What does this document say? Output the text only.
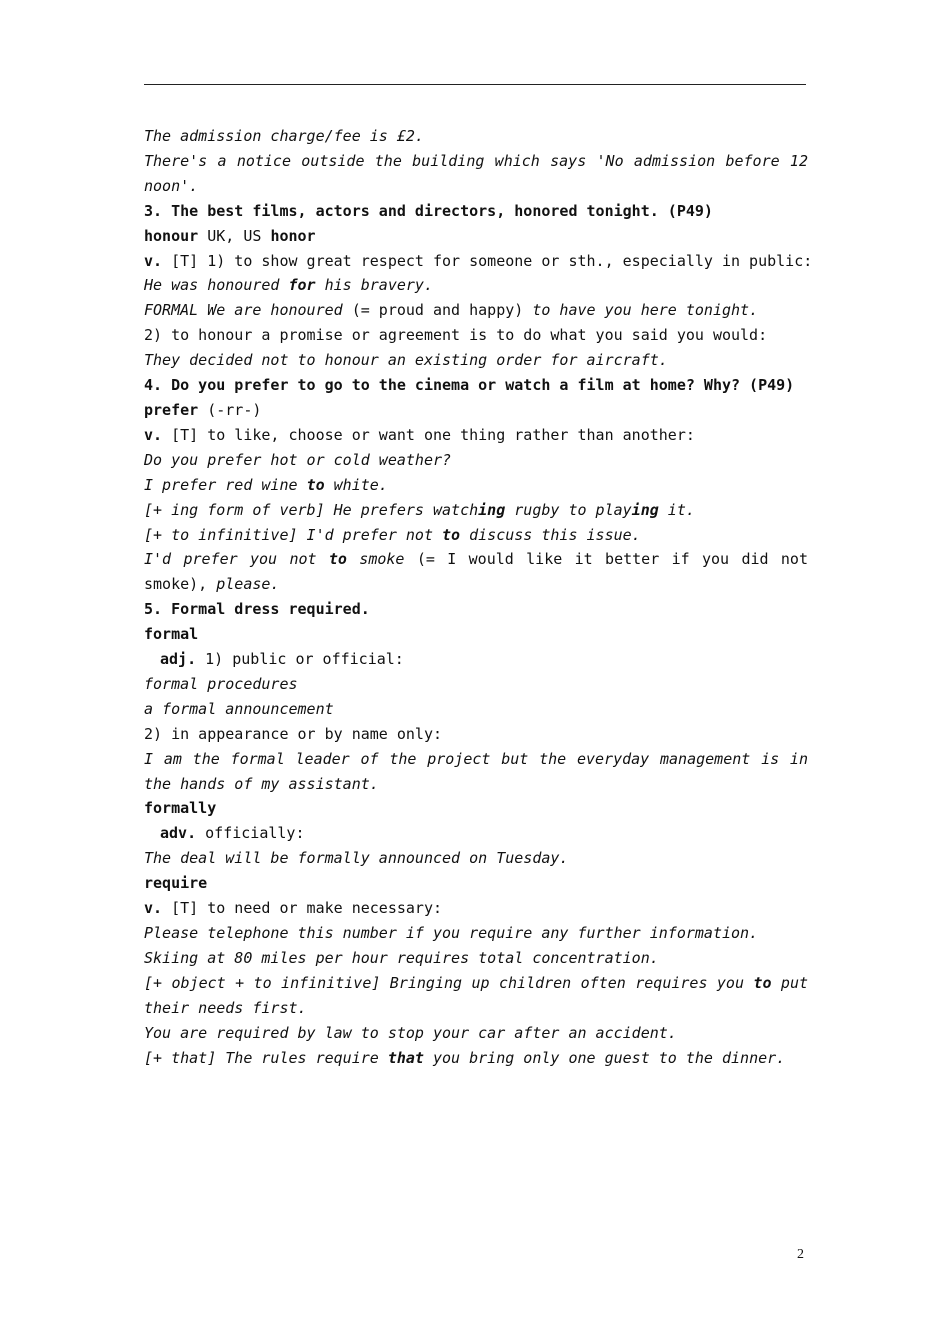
The admission charge/fee is £2.

There's a notice outside the building which says 'No admission before 12 noon'.

3. The best films, actors and directors, honored tonight. (P49)

honour UK, US honor

v. [T] 1) to show great respect for someone or sth., especially in public:

He was honoured for his bravery.

FORMAL We are honoured (= proud and happy) to have you here tonight.

2) to honour a promise or agreement is to do what you said you would:

They decided not to honour an existing order for aircraft.

4. Do you prefer to go to the cinema or watch a film at home? Why? (P49)

prefer (-rr-)

v. [T] to like, choose or want one thing rather than another:

Do you prefer hot or cold weather?

I prefer red wine to white.

[+ ing form of verb] He prefers watching rugby to playing it.

[+ to infinitive] I'd prefer not to discuss this issue.

I'd prefer you not to smoke (= I would like it better if you did not smoke), please.

5. Formal dress required.

formal

adj. 1) public or official:

formal procedures

a formal announcement

2) in appearance or by name only:

I am the formal leader of the project but the everyday management is in the hands of my assistant.

formally

adv. officially:

The deal will be formally announced on Tuesday.

require

v. [T] to need or make necessary:

Please telephone this number if you require any further information.

Skiing at 80 miles per hour requires total concentration.

[+ object + to infinitive] Bringing up children often requires you to put their needs first.

You are required by law to stop your car after an accident.

[+ that] The rules require that you bring only one guest to the dinner.

2
